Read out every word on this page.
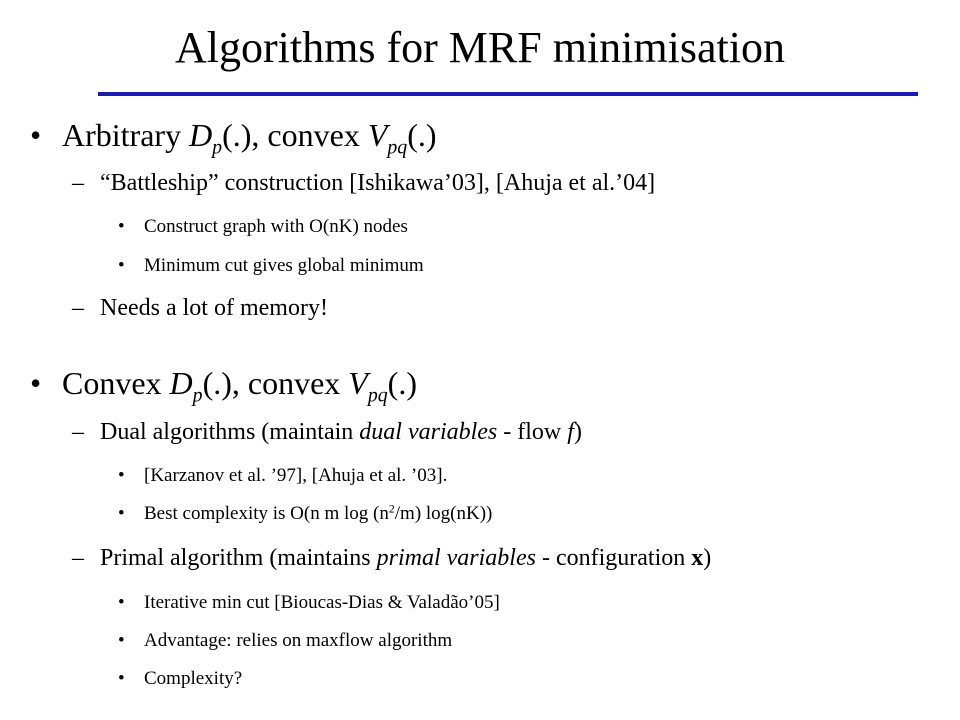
Algorithms for MRF minimisation
• Arbitrary $D_p(.)$, convex $V_{pq}(.)$
– “Battleship” construction [Ishikawa’03], [Ahuja et al.’04]
• Construct graph with O(nK) nodes
• Minimum cut gives global minimum
– Needs a lot of memory!
• Convex $D_p(.)$, convex $V_{pq}(.)$
– Dual algorithms (maintain dual variables - flow f)
• [Karzanov et al. ’97], [Ahuja et al. ’03].
• Best complexity is O(n m $\log (n^2/m)$ log(nK))
– Primal algorithm (maintains primal variables - configuration x)
• Iterative min cut [Bioucas-Dias & Valadão’05]
• Advantage: relies on maxflow algorithm
• Complexity?
